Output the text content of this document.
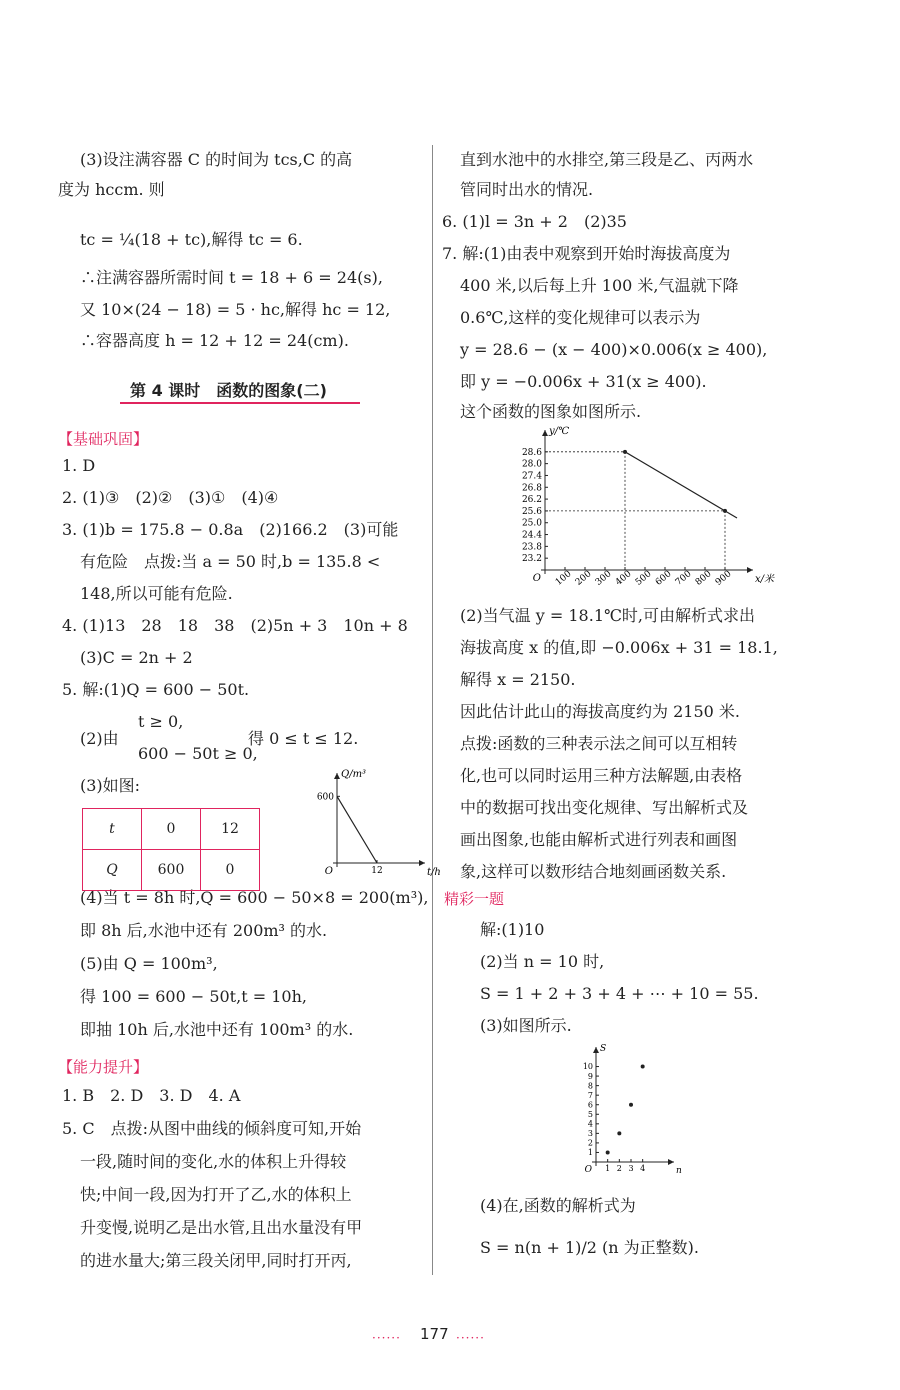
(3)设注满容器 C 的时间为 tcs,C 的高
度为 hccm. 则
tc = ¼(18 + tc),解得 tc = 6.
∴注满容器所需时间 t = 18 + 6 = 24(s),
又 10×(24 − 18) = 5 · hc,解得 hc = 12,
∴容器高度 h = 12 + 12 = 24(cm).
1. D
2. (1)③　(2)②　(3)①　(4)④
3. (1)b = 175.8 − 0.8a　(2)166.2　(3)可能
有危险　点拨:当 a = 50 时,b = 135.8 <
148,所以可能有危险.
4. (1)13　28　18　38　(2)5n + 3　10n + 8
(3)C = 2n + 2
5. 解:(1)Q = 600 − 50t.
t ≥ 0,
(2)由	得 0 ≤ t ≤ 12.
600 − 50t ≥ 0,
(3)如图:
(4)当 t = 8h 时,Q = 600 − 50×8 = 200(m³),
即 8h 后,水池中还有 200m³ 的水.
(5)由 Q = 100m³,
得 100 = 600 − 50t,t = 10h,
即抽 10h 后,水池中还有 100m³ 的水.
1. B　2. D　3. D　4. A
5. C　点拨:从图中曲线的倾斜度可知,开始
一段,随时间的变化,水的体积上升得较
快;中间一段,因为打开了乙,水的体积上
升变慢,说明乙是出水管,且出水量没有甲
的进水量大;第三段关闭甲,同时打开丙,
直到水池中的水排空,第三段是乙、丙两水
管同时出水的情况.
6. (1)l = 3n + 2　(2)35
7. 解:(1)由表中观察到开始时海拔高度为
400 米,以后每上升 100 米,气温就下降
0.6℃,这样的变化规律可以表示为
y = 28.6 − (x − 400)×0.006(x ≥ 400),
即 y = −0.006x + 31(x ≥ 400).
这个函数的图象如图所示.
(2)当气温 y = 18.1℃时,可由解析式求出
海拔高度 x 的值,即 −0.006x + 31 = 18.1,
解得 x = 2150.
因此估计此山的海拔高度约为 2150 米.
点拨:函数的三种表示法之间可以互相转
化,也可以同时运用三种方法解题,由表格
中的数据可找出变化规律、写出解析式及
画出图象,也能由解析式进行列表和画图
象,这样可以数形结合地刻画函数关系.
解:(1)10
(2)当 n = 10 时,
S = 1 + 2 + 3 + 4 + ⋯ + 10 = 55.
(3)如图所示.
(4)在,函数的解析式为
S = n(n + 1)/2 (n 为正整数).
第 4 课时　函数的图象(二)
【基础巩固】
【能力提升】
精彩一题
t	0	12
Q	600	0
100 200 300 400 500 600 700 800 900
23.2
23.8
24.4
25.0
25.6
26.2
26.8
27.4
28.0
28.6
O	x/米
y/℃
12
600
O	t/h
Q/m³
1 2 3 4
1
2
3
4
5
6
7
8
9
10
O	n
S
······ 177 ······
